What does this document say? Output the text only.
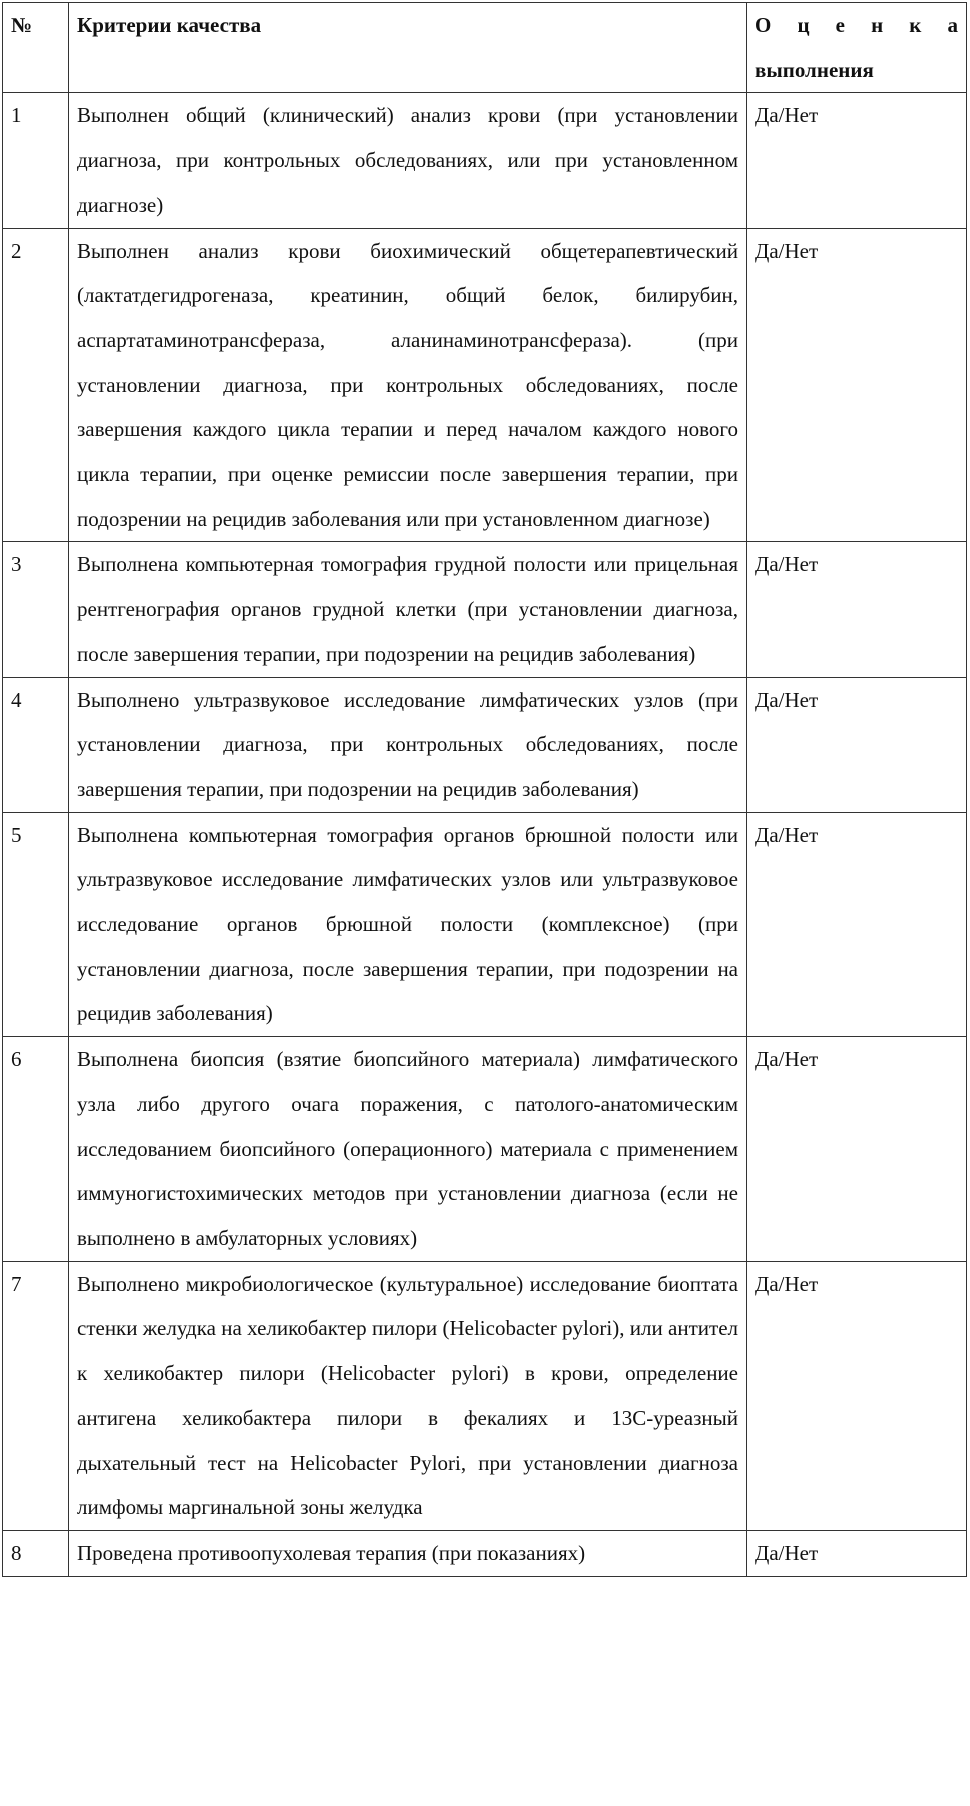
№	Критерии качества	О ц е н к а
выполнения
1	Выполнен общий (клинический) анализ крови (при установлении диагноза, при контрольных обследованиях, или при установленном диагнозе)	Да/Нет
2	Выполнен анализ крови биохимический общетерапевтический (лактатдегидрогеназа, креатинин, общий белок, билирубин, аспартатаминотрансфераза, аланинаминотрансфераза). (при установлении диагноза, при контрольных обследованиях, после завершения каждого цикла терапии и перед началом каждого нового цикла терапии, при оценке ремиссии после завершения терапии, при подозрении на рецидив заболевания или при установленном диагнозе)	Да/Нет
3	Выполнена компьютерная томография грудной полости или прицельная рентгенография органов грудной клетки (при установлении диагноза, после завершения терапии, при подозрении на рецидив заболевания)	Да/Нет
4	Выполнено ультразвуковое исследование лимфатических узлов (при установлении диагноза, при контрольных обследованиях, после завершения терапии, при подозрении на рецидив заболевания)	Да/Нет
5	Выполнена компьютерная томография органов брюшной полости или ультразвуковое исследование лимфатических узлов или ультразвуковое исследование органов брюшной полости (комплексное) (при установлении диагноза, после завершения терапии, при подозрении на рецидив заболевания)	Да/Нет
6	Выполнена биопсия (взятие биопсийного материала) лимфатического узла либо другого очага поражения, с патолого-анатомическим исследованием биопсийного (операционного) материала с применением иммуногистохимических методов при установлении диагноза (если не выполнено в амбулаторных условиях)	Да/Нет
7	Выполнено микробиологическое (культуральное) исследование биоптата стенки желудка на хеликобактер пилори (Helicobacter pylori), или антител к хеликобактер пилори (Helicobacter pylori) в крови, определение антигена хеликобактера пилори в фекалиях и 13С-уреазный дыхательный тест на Helicobacter Pylori, при установлении диагноза лимфомы маргинальной зоны желудка	Да/Нет
8	Проведена противоопухолевая терапия (при показаниях)	Да/Нет
